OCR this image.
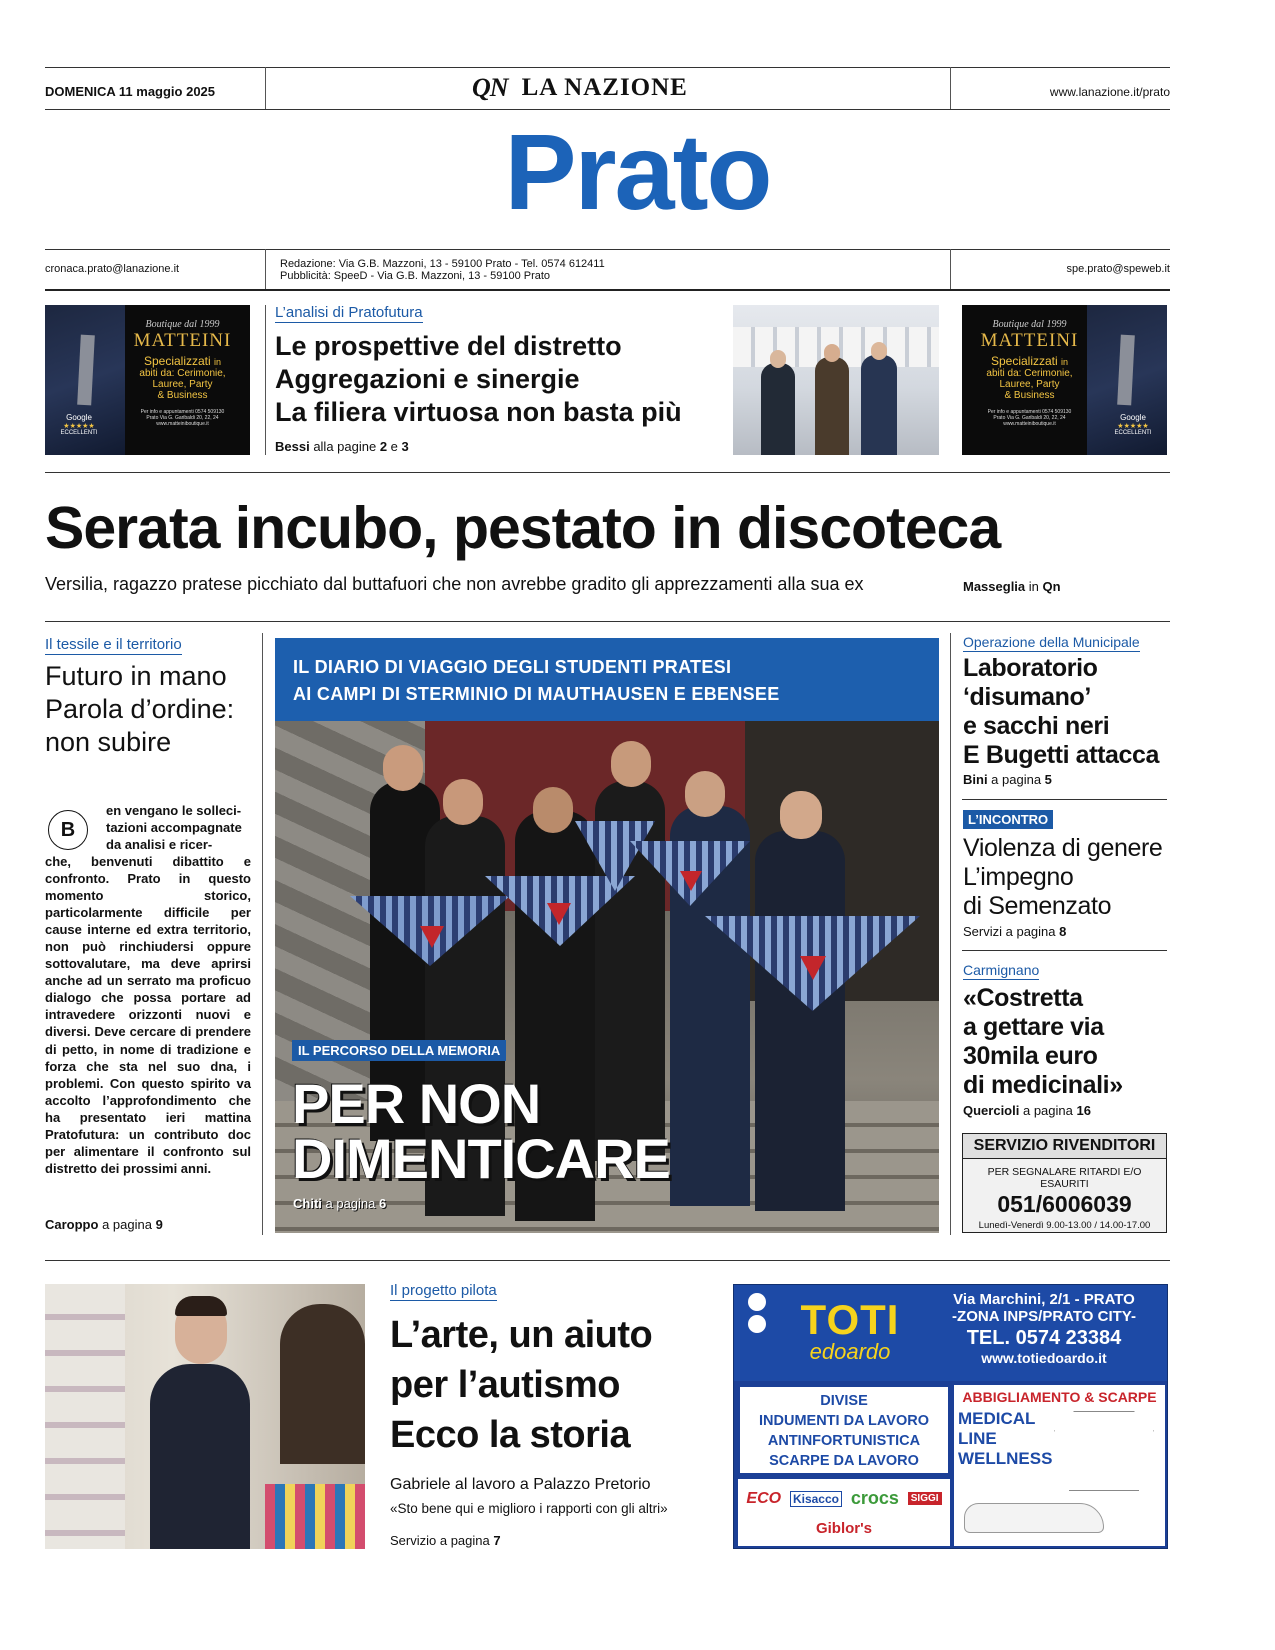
DOMENICA 11 maggio 2025	QN LA NAZIONE	www.lanazione.it/prato
Prato
cronaca.prato@lanazione.it	Redazione: Via G.B. Mazzoni, 13 - 59100 Prato - Tel. 0574 612411
Pubblicità: SpeeD - Via G.B. Mazzoni, 13 - 59100 Prato
spe.prato@speweb.it
Boutique dal 1999
MATTEINI
Specializzati in
abiti da: Cerimonie,
Lauree, Party
& Business
Per info e appuntamenti 0574 509130
Prato Via G. Garibaldi 20, 22, 24
www.matteiniboutique.it
Google
★★★★★
ECCELLENTI
L’analisi di Pratofutura
Le prospettive del distretto
Aggregazioni e sinergie
La filiera virtuosa non basta più
Bessi alla pagine 2 e 3
Boutique dal 1999
MATTEINI
Specializzati in
abiti da: Cerimonie,
Lauree, Party
& Business
Per info e appuntamenti 0574 509130
Prato Via G. Garibaldi 20, 22, 24
www.matteiniboutique.it
Google
★★★★★
ECCELLENTI
Serata incubo, pestato in discoteca
Versilia, ragazzo pratese picchiato dal buttafuori che non avrebbe gradito gli apprezzamenti alla sua ex	Masseglia in Qn
Il tessile e il territorio
Futuro in mano
Parola d’ordine:
non subire
B
en vengano le solleci-
tazioni accompagnate
da analisi e ricer-
che, benvenuti dibattito e confronto. Prato in questo momento storico, particolarmente difficile per cause interne ed extra territorio, non può rinchiudersi oppure sottovalutare, ma deve aprirsi anche ad un serrato ma proficuo dialogo che possa portare ad intravedere orizzonti nuovi e diversi. Deve cercare di prendere di petto, in nome di tradizione e forza che sta nel suo dna, i problemi. Con questo spirito va accolto l’approfondimento che ha presentato ieri mattina Pratofutura: un contributo doc per alimentare il confronto sul distretto dei prossimi anni.
Caroppo a pagina 9
IL DIARIO DI VIAGGIO DEGLI STUDENTI PRATESI
AI CAMPI DI STERMINIO DI MAUTHAUSEN E EBENSEE
IL PERCORSO DELLA MEMORIA
PER NON
DIMENTICARE
Chiti a pagina 6
Operazione della Municipale
Laboratorio
‘disumano’
e sacchi neri
E Bugetti attacca
Bini a pagina 5
L’INCONTRO
Violenza di genere
L’impegno
di Semenzato
Servizi a pagina 8
Carmignano
«Costretta
a gettare via
30mila euro
di medicinali»
Quercioli a pagina 16
SERVIZIO RIVENDITORI
PER SEGNALARE RITARDI E/O ESAURITI
051/6006039
Lunedì-Venerdì 9.00-13.00 / 14.00-17.00
Il progetto pilota
L’arte, un aiuto
per l’autismo
Ecco la storia
Gabriele al lavoro a Palazzo Pretorio
«Sto bene qui e miglioro i rapporti con gli altri»
Servizio a pagina 7
TOTI
edoardo
Via Marchini, 2/1 - PRATO
-ZONA INPS/PRATO CITY-
TEL. 0574 23384
www.totiedoardo.it
DIVISE
INDUMENTI DA LAVORO
ANTINFORTUNISTICA
SCARPE DA LAVORO
ABBIGLIAMENTO & SCARPE
MEDICAL
LINE
WELLNESS
ECO Kisacco crocs	SIGGI
Giblor's
